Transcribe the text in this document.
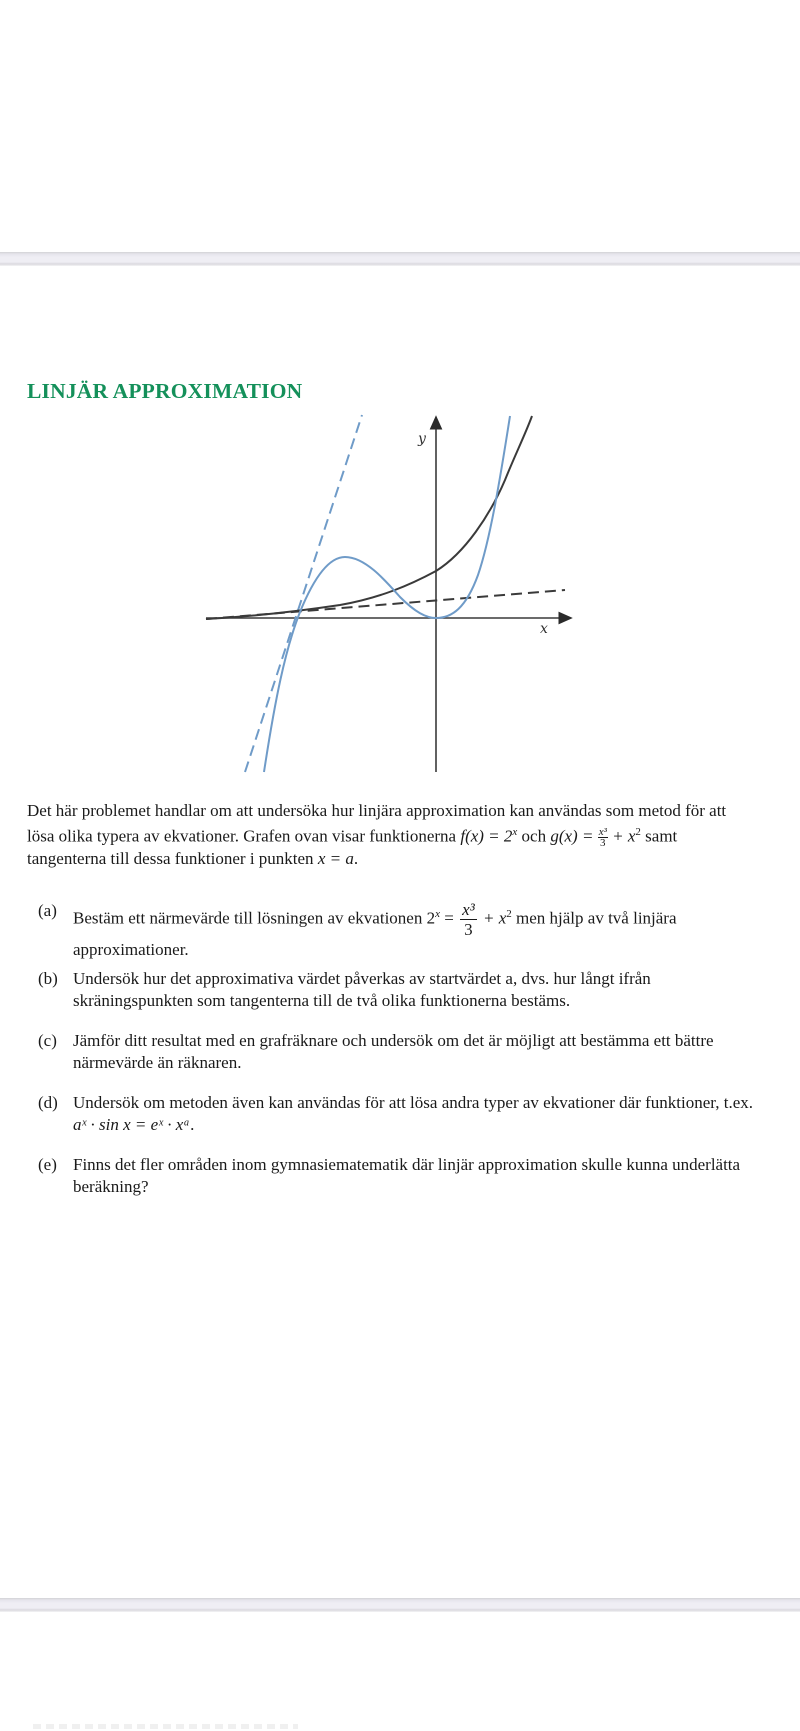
LINJÄR APPROXIMATION
y
x

Det här problemet handlar om att undersöka hur linjära approximation kan användas som metod för att lösa olika typera av ekvationer. Grafen ovan visar funktionerna $f(x) = 2^x$ och $g(x) = \frac{\text{x³}}{3} + x^2$ samt tangenterna till dessa funktioner i punkten x = a.

(a) Bestäm ett närmevärde till lösningen av ekvationen $2^x = \frac{\text{x³}}{3} + x^2$ men hjälp av två linjära approximationer.
(b) Undersök hur det approximativa värdet påverkas av startvärdet a, dvs. hur långt ifrån skräningspunkten som tangenterna till de två olika funktionerna bestäms.
(c) Jämför ditt resultat med en grafräknare och undersök om det är möjligt att bestämma ett bättre närmevärde än räknaren.
(d) Undersök om metoden även kan användas för att lösa andra typer av ekvationer där funktioner, t.ex. aˣ · sin x = eˣ · xᵃ.
(e) Finns det fler områden inom gymnasiematematik där linjär approximation skulle kunna underlätta beräkning?
